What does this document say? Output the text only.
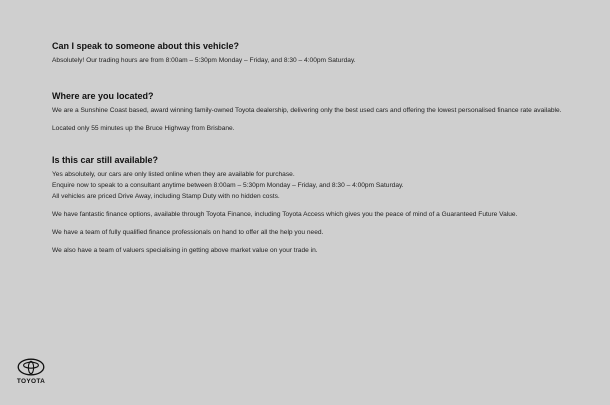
Can I speak to someone about this vehicle?

Absolutely! Our trading hours are from 8:00am – 5:30pm Monday – Friday, and 8:30 – 4:00pm Saturday.

Where are you located?

We are a Sunshine Coast based, award winning family-owned Toyota dealership, delivering only the best used cars and offering the lowest personalised finance rate available.

Located only 55 minutes up the Bruce Highway from Brisbane.

Is this car still available?

Yes absolutely, our cars are only listed online when they are available for purchase.

Enquire now to speak to a consultant anytime between 8:00am – 5:30pm Monday – Friday, and 8:30 – 4:00pm Saturday.

All vehicles are priced Drive Away, including Stamp Duty with no hidden costs.

We have fantastic finance options, available through Toyota Finance, including Toyota Access which gives you the peace of mind of a Guaranteed Future Value.

We have a team of fully qualified finance professionals on hand to offer all the help you need.

We also have a team of valuers specialising in getting above market value on your trade in.

TOYOTA
